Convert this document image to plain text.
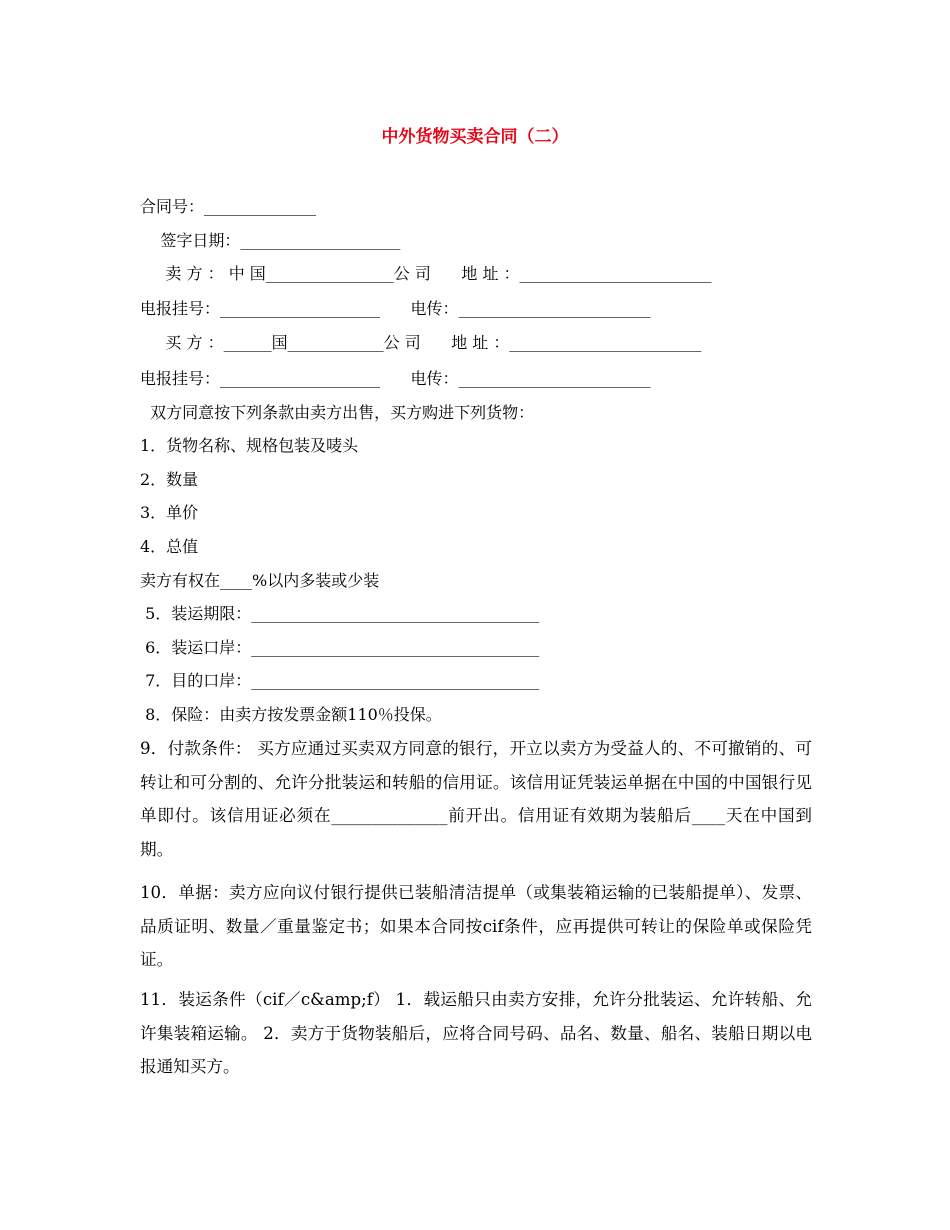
中外货物买卖合同（二）
合同号：______________
签字日期：____________________
卖 方 ： 中 国________________公 司      地 址 ：________________________
电报挂号：____________________      电传：________________________
买 方 ：______国____________公 司      地 址 ：________________________
电报挂号：____________________      电传：________________________
双方同意按下列条款由卖方出售，买方购进下列货物：
1．货物名称、规格包装及唛头
2．数量
3．单价
4．总值
卖方有权在____%以内多装或少装
5．装运期限：____________________________________
6．装运口岸：____________________________________
7．目的口岸：____________________________________
8．保险：由卖方按发票金额110％投保。
9．付款条件： 买方应通过买卖双方同意的银行，开立以卖方为受益人的、不可撤销的、可转让和可分割的、允许分批装运和转船的信用证。该信用证凭装运单据在中国的中国银行见单即付。该信用证必须在______________前开出。信用证有效期为装船后____天在中国到期。
10．单据：卖方应向议付银行提供已装船清洁提单（或集装箱运输的已装船提单）、发票、品质证明、数量／重量鉴定书；如果本合同按cif条件，应再提供可转让的保险单或保险凭证。
11．装运条件（cif／c&amp;f） 1．载运船只由卖方安排，允许分批装运、允许转船、允许集装箱运输。 2．卖方于货物装船后，应将合同号码、品名、数量、船名、装船日期以电报通知买方。
